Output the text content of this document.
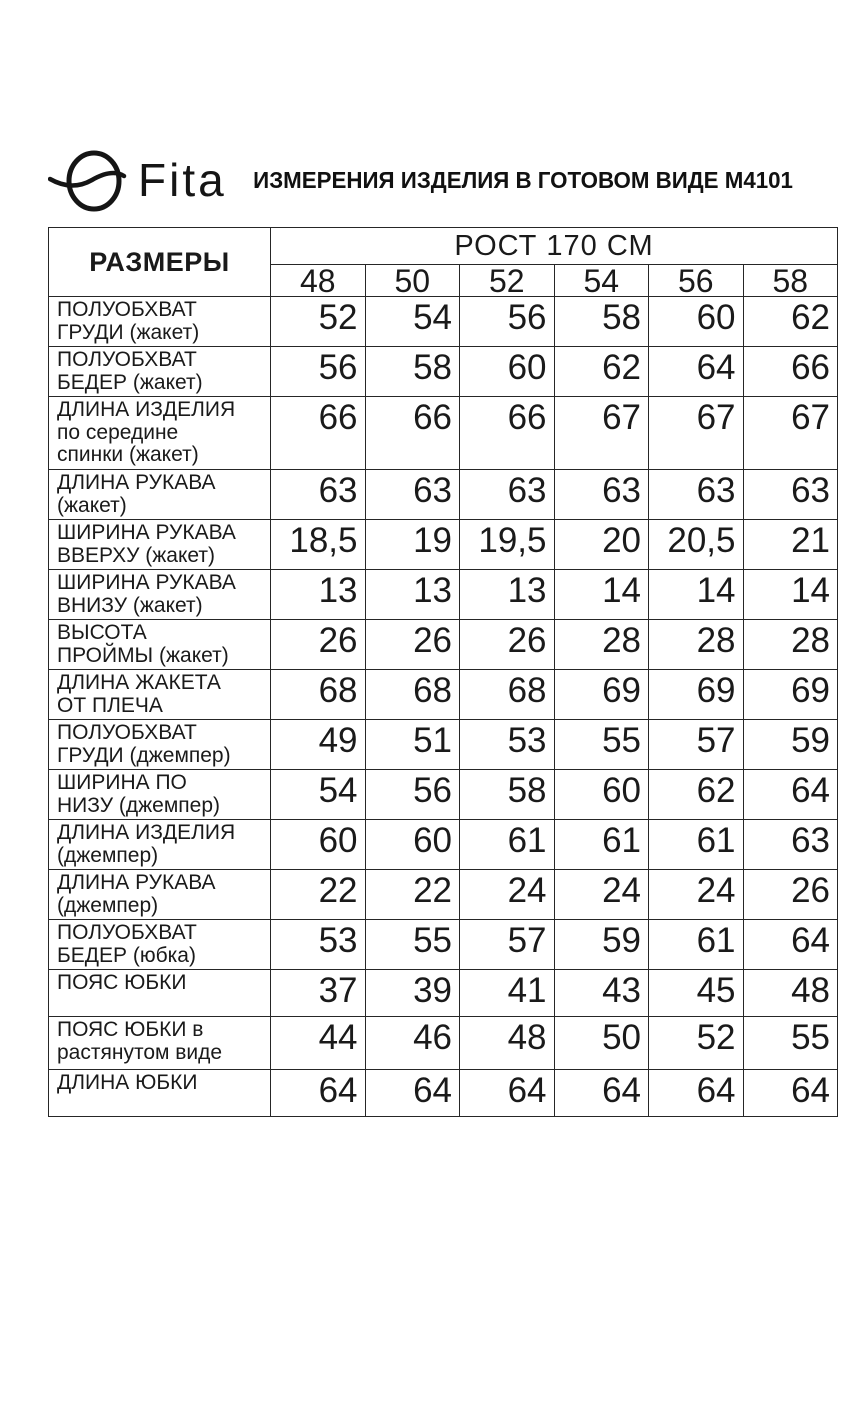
Fita ИЗМЕРЕНИЯ ИЗДЕЛИЯ В ГОТОВОМ ВИДЕ М4101
РАЗМЕРЫ	РОСТ 170 СМ					
	48	50	52	54	56	58
ПОЛУОБХВАТ ГРУДИ (жакет)	52	54	56	58	60	62
ПОЛУОБХВАТ БЕДЕР (жакет)	56	58	60	62	64	66
ДЛИНА ИЗДЕЛИЯ по середине спинки (жакет)	66	66	66	67	67	67
ДЛИНА РУКАВА (жакет)	63	63	63	63	63	63
ШИРИНА РУКАВА ВВЕРХУ (жакет)	18,5	19	19,5	20	20,5	21
ШИРИНА РУКАВА ВНИЗУ (жакет)	13	13	13	14	14	14
ВЫСОТА ПРОЙМЫ (жакет)	26	26	26	28	28	28
ДЛИНА ЖАКЕТА ОТ ПЛЕЧА	68	68	68	69	69	69
ПОЛУОБХВАТ ГРУДИ (джемпер)	49	51	53	55	57	59
ШИРИНА ПО НИЗУ (джемпер)	54	56	58	60	62	64
ДЛИНА ИЗДЕЛИЯ (джемпер)	60	60	61	61	61	63
ДЛИНА РУКАВА (джемпер)	22	22	24	24	24	26
ПОЛУОБХВАТ БЕДЕР (юбка)	53	55	57	59	61	64
ПОЯС ЮБКИ	37	39	41	43	45	48
ПОЯС ЮБКИ в растянутом виде	44	46	48	50	52	55
ДЛИНА ЮБКИ	64	64	64	64	64	64
